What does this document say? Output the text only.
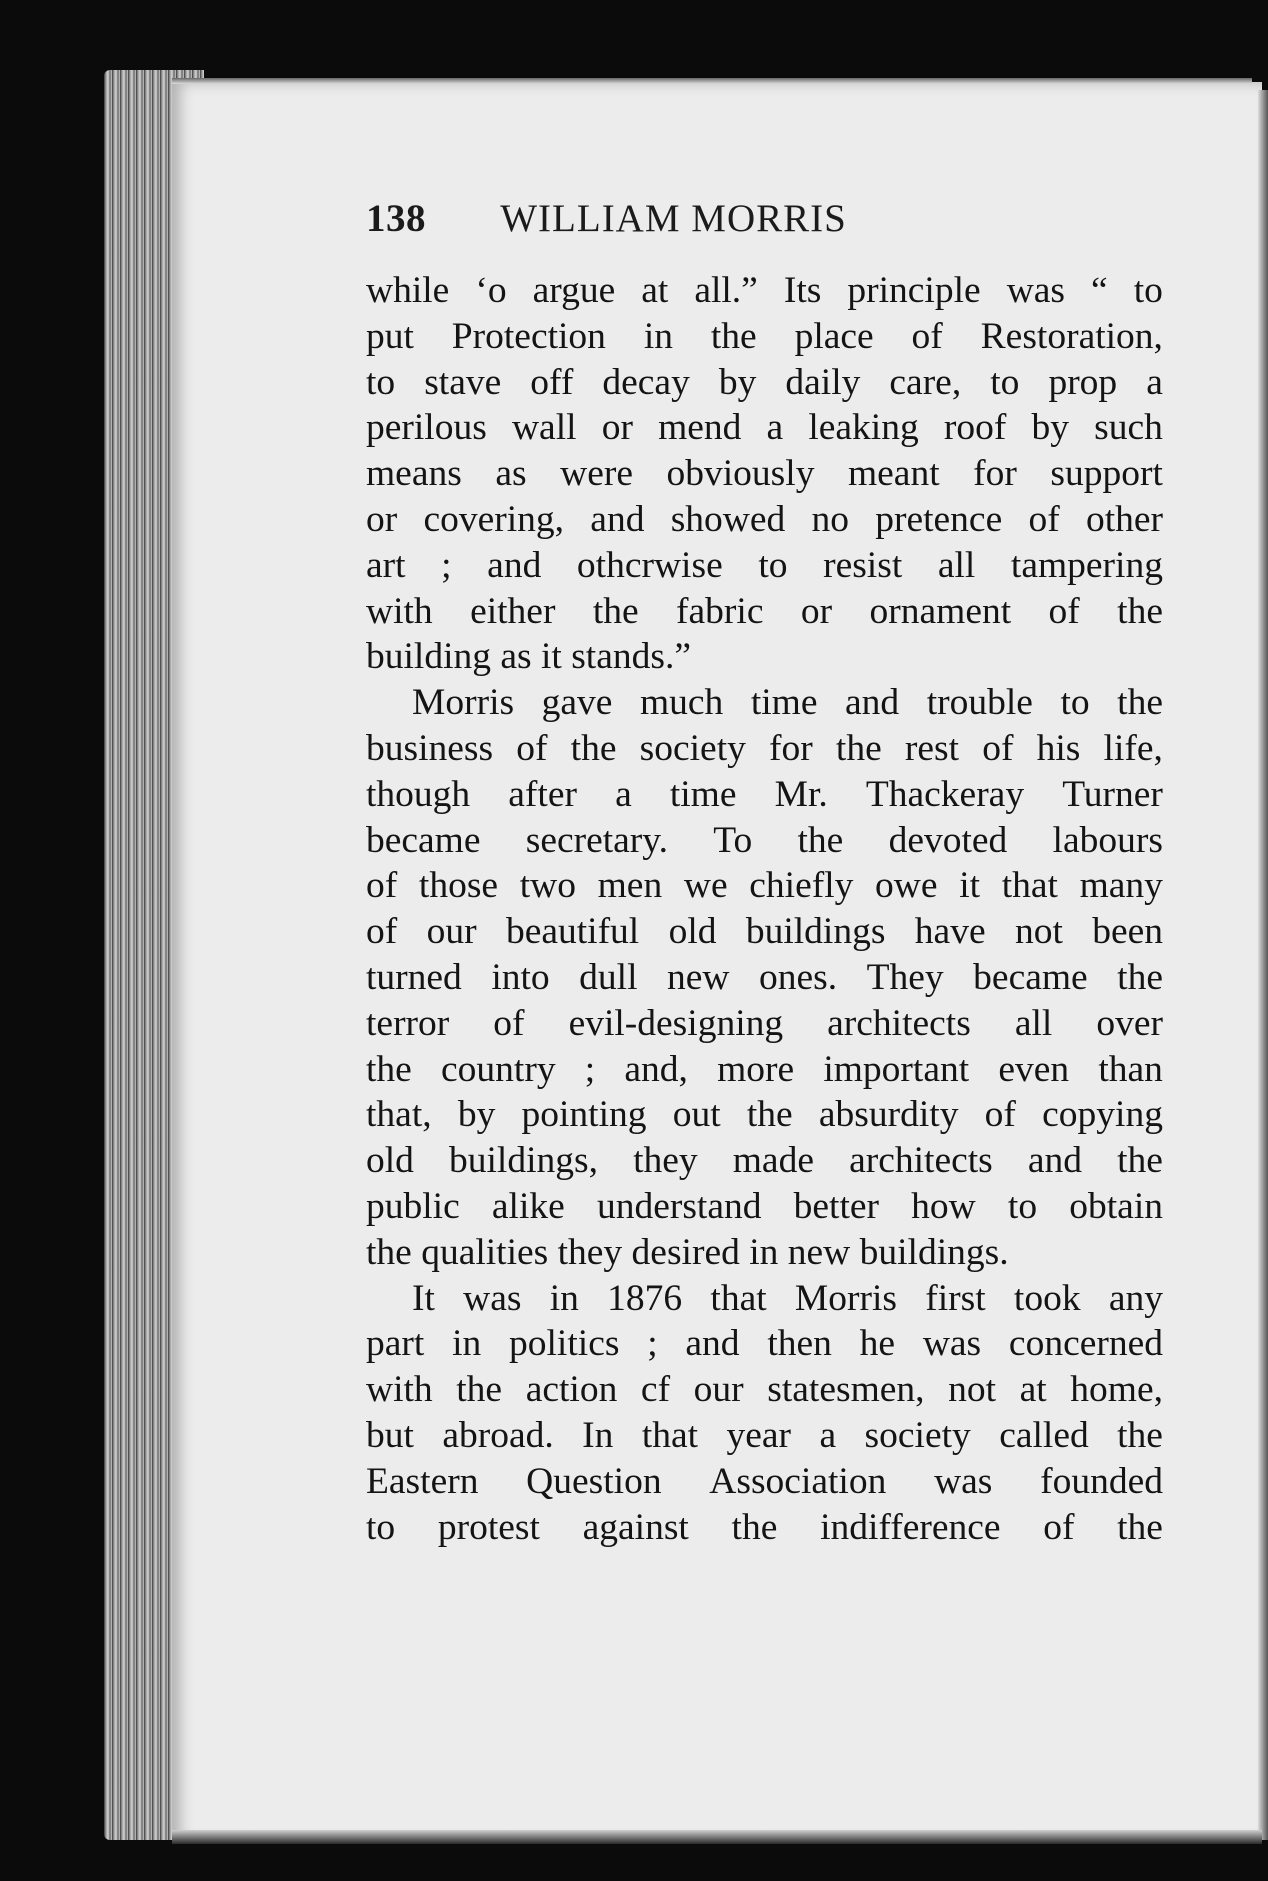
138 WILLIAM MORRIS
while ‘o argue at all.” Its principle was “ to
put Protection in the place of Restoration,
to stave off decay by daily care, to prop a
perilous wall or mend a leaking roof by such
means as were obviously meant for support
or covering, and showed no pretence of other
art ; and othcrwise to resist all tampering
with either the fabric or ornament of the
building as it stands.”
Morris gave much time and trouble to the
business of the society for the rest of his life,
though after a time Mr. Thackeray Turner
became secretary. To the devoted labours
of those two men we chiefly owe it that many
of our beautiful old buildings have not been
turned into dull new ones. They became the
terror of evil-designing architects all over
the country ; and, more important even than
that, by pointing out the absurdity of copying
old buildings, they made architects and the
public alike understand better how to obtain
the qualities they desired in new buildings.
It was in 1876 that Morris first took any
part in politics ; and then he was concerned
with the action cf our statesmen, not at home,
but abroad. In that year a society called the
Eastern Question Association was founded
to protest against the indifference of the
